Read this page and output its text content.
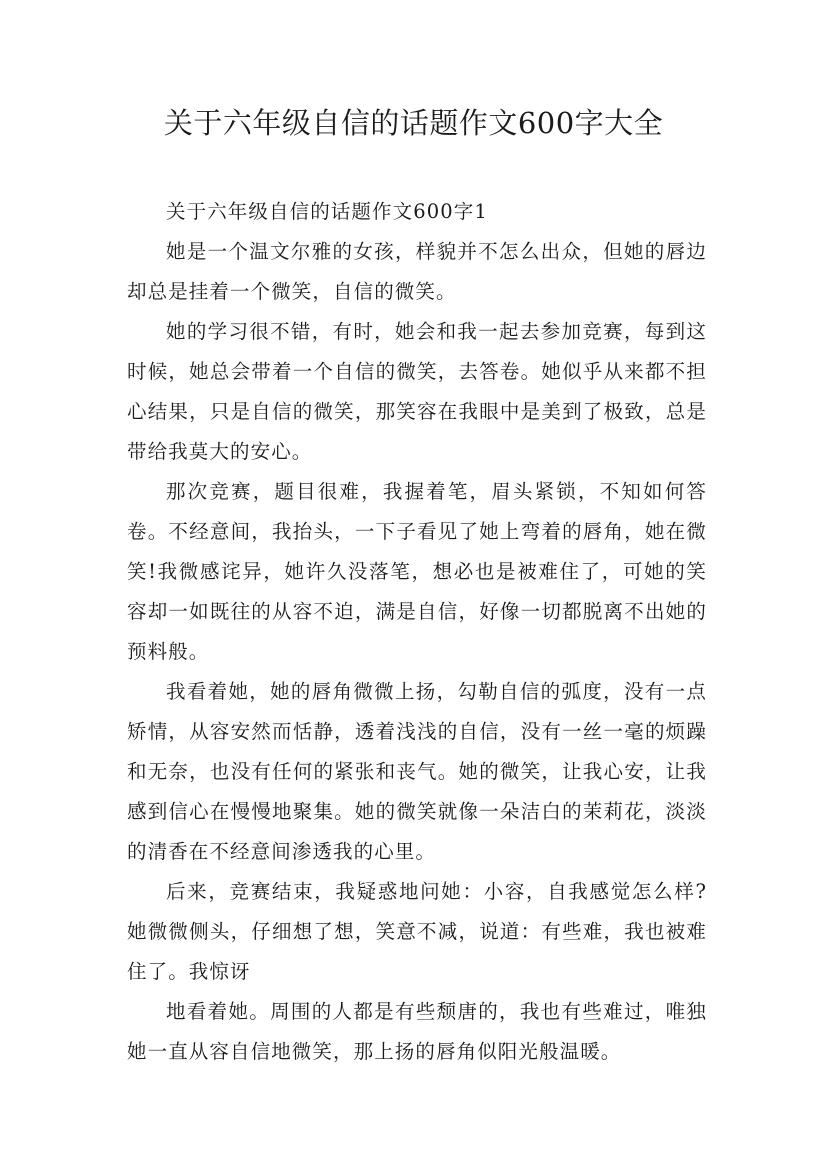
关于六年级自信的话题作文600字大全

关于六年级自信的话题作文600字1

她是一个温文尔雅的女孩，样貌并不怎么出众，但她的唇边却总是挂着一个微笑，自信的微笑。

她的学习很不错，有时，她会和我一起去参加竞赛，每到这时候，她总会带着一个自信的微笑，去答卷。她似乎从来都不担心结果，只是自信的微笑，那笑容在我眼中是美到了极致，总是带给我莫大的安心。

那次竞赛，题目很难，我握着笔，眉头紧锁，不知如何答卷。不经意间，我抬头，一下子看见了她上弯着的唇角，她在微笑!我微感诧异，她许久没落笔，想必也是被难住了，可她的笑容却一如既往的从容不迫，满是自信，好像一切都脱离不出她的预料般。

我看着她，她的唇角微微上扬，勾勒自信的弧度，没有一点矫情，从容安然而恬静，透着浅浅的自信，没有一丝一毫的烦躁和无奈，也没有任何的紧张和丧气。她的微笑，让我心安，让我感到信心在慢慢地聚集。她的微笑就像一朵洁白的茉莉花，淡淡的清香在不经意间渗透我的心里。

后来，竞赛结束，我疑惑地问她：小容，自我感觉怎么样?她微微侧头，仔细想了想，笑意不减，说道：有些难，我也被难住了。我惊讶

地看着她。周围的人都是有些颓唐的，我也有些难过，唯独她一直从容自信地微笑，那上扬的唇角似阳光般温暖。
